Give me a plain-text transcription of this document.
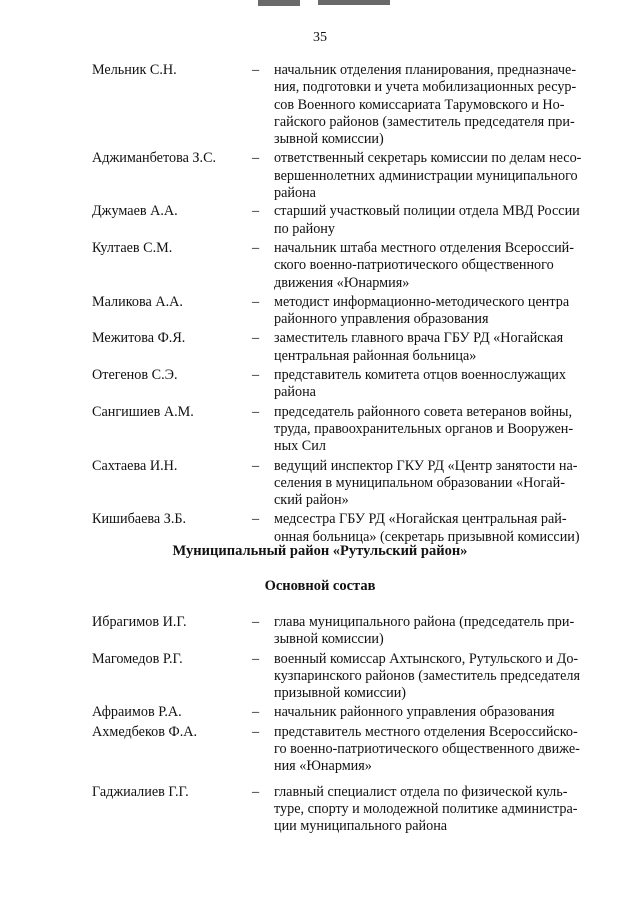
35
Мельник С.Н.	–	начальник отделения планирования, предназначе-
ния, подготовки и учета мобилизационных ресур-
сов Военного комиссариата Тарумовского и Но-
гайского районов (заместитель председателя при-
зывной комиссии)
Аджиманбетова З.С.	–	ответственный секретарь комиссии по делам несо-
вершеннолетних администрации муниципального
района
Джумаев А.А.	–	старший участковый полиции отдела МВД России
по району
Култаев С.М.	–	начальник штаба местного отделения Всероссий-
ского военно-патриотического общественного
движения «Юнармия»
Маликова А.А.	–	методист информационно-методического центра
районного управления образования
Межитова Ф.Я.	–	заместитель главного врача ГБУ РД «Ногайская
центральная районная больница»
Отегенов С.Э.	–	представитель комитета отцов военнослужащих
района
Сангишиев А.М.	–	председатель районного совета ветеранов войны,
труда, правоохранительных органов и Вооружен-
ных Сил
Сахтаева И.Н.	–	ведущий инспектор ГКУ РД «Центр занятости на-
селения в муниципальном образовании «Ногай-
ский район»
Кишибаева З.Б.	–	медсестра ГБУ РД «Ногайская центральная рай-
онная больница» (секретарь призывной комиссии)
Муниципальный район «Рутульский район»
Основной состав
Ибрагимов И.Г.	–	глава муниципального района (председатель при-
зывной комиссии)
Магомедов Р.Г.	–	военный комиссар Ахтынского, Рутульского и До-
кузпаринского районов (заместитель председателя
призывной комиссии)
Афраимов Р.А.	–	начальник районного управления образования
Ахмедбеков Ф.А.	–	представитель местного отделения Всероссийско-
го военно-патриотического общественного движе-
ния «Юнармия»
Гаджиалиев Г.Г.	–	главный специалист отдела по физической куль-
туре, спорту и молодежной политике администра-
ции муниципального района
